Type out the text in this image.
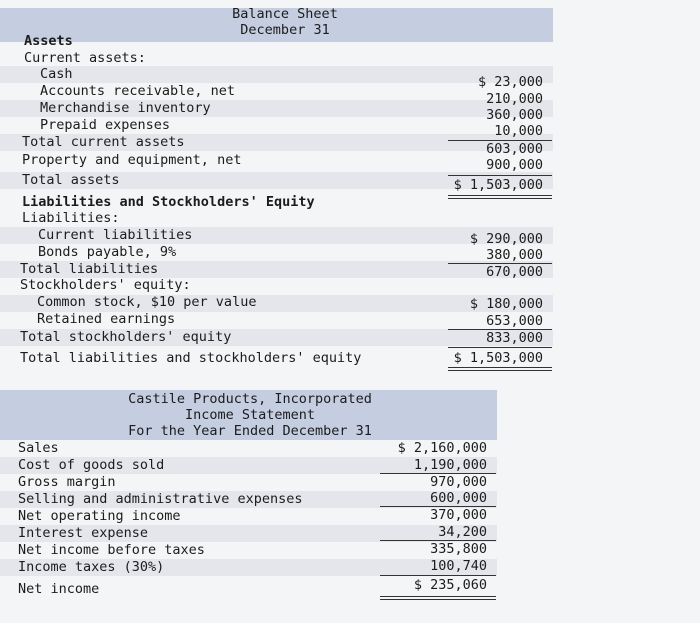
Balance Sheet
December 31
Assets
Current assets:
Cash
Accounts receivable, net
Merchandise inventory
Prepaid expenses
Total current assets
Property and equipment, net
Total assets
Liabilities and Stockholders' Equity
Liabilities:
Current liabilities
Bonds payable, 9%
Total liabilities
Stockholders' equity:
Common stock, $10 per value
Retained earnings
Total stockholders' equity
Total liabilities and stockholders' equity
$ 23,000
210,000
360,000
10,000
603,000
900,000
$ 1,503,000
$ 290,000
380,000
670,000
$ 180,000
653,000
833,000
$ 1,503,000
Castile Products, Incorporated
Income Statement
For the Year Ended December 31
Sales
Cost of goods sold
Gross margin
Selling and administrative expenses
Net operating income
Interest expense
Net income before taxes
Income taxes (30%)
Net income
$ 2,160,000
1,190,000
970,000
600,000
370,000
34,200
335,800
100,740
$ 235,060
